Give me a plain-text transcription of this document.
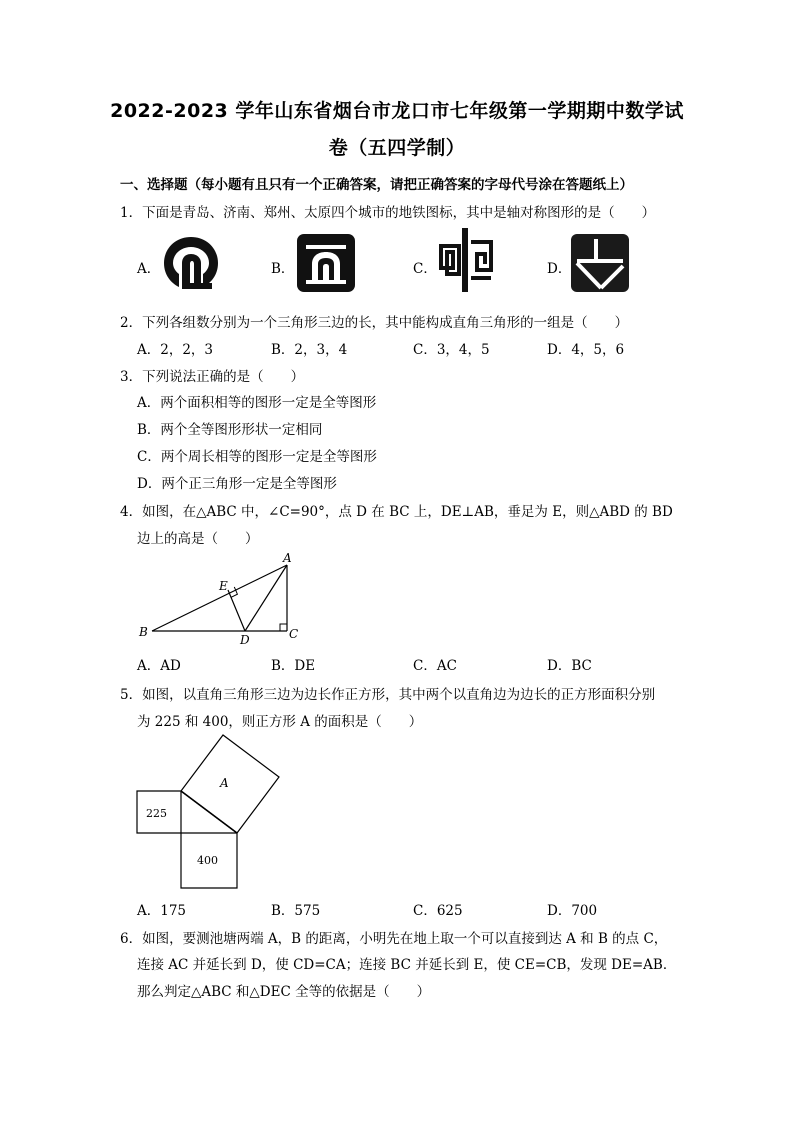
2022-2023 学年山东省烟台市龙口市七年级第一学期期中数学试
卷（五四学制）
一、选择题（每小题有且只有一个正确答案，请把正确答案的字母代号涂在答题纸上）
1．下面是青岛、济南、郑州、太原四个城市的地铁图标，其中是轴对称图形的是（　　）
A．	B．	C．	D．
2．下列各组数分别为一个三角形三边的长，其中能构成直角三角形的一组是（　　）
A．2，2，3	B．2，3，4	C．3，4，5	D．4，5，6
3．下列说法正确的是（　　）
A．两个面积相等的图形一定是全等图形
B．两个全等图形形状一定相同
C．两个周长相等的图形一定是全等图形
D．两个正三角形一定是全等图形
4．如图，在△ABC 中，∠C=90°，点 D 在 BC 上，DE⊥AB，垂足为 E，则△ABD 的 BD
边上的高是（　　）
A
E
B
D	C
A．AD	B．DE	C．AC	D．BC
5．如图，以直角三角形三边为边长作正方形，其中两个以直角边为边长的正方形面积分别
为 225 和 400，则正方形 A 的面积是（　　）
A
225
400
A．175	B．575	C．625	D．700
6．如图，要测池塘两端 A，B 的距离，小明先在地上取一个可以直接到达 A 和 B 的点 C，
连接 AC 并延长到 D，使 CD=CA；连接 BC 并延长到 E，使 CE=CB，发现 DE=AB．
那么判定△ABC 和△DEC 全等的依据是（　　）
